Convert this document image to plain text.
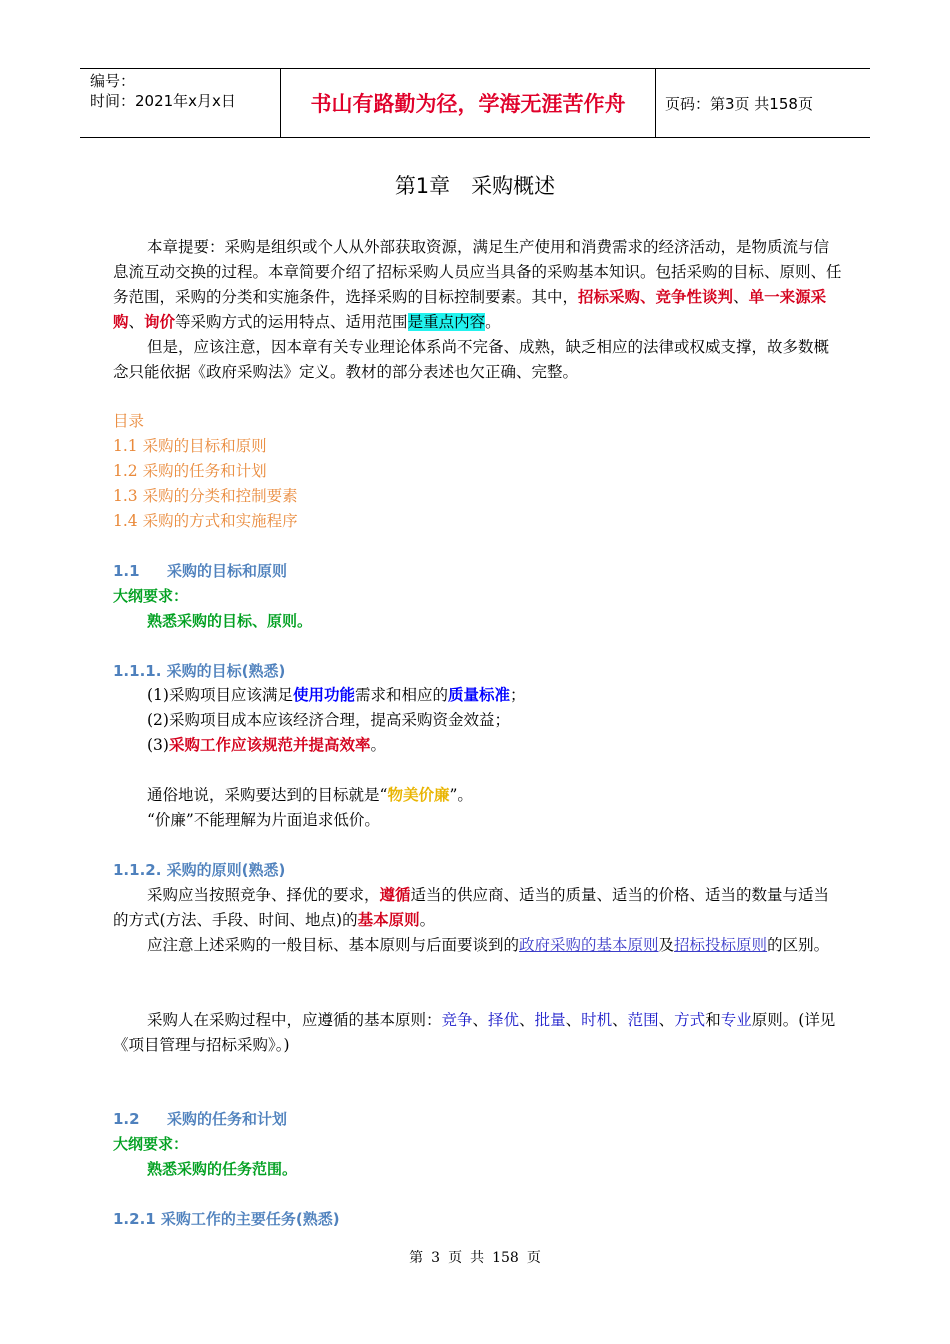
编号：
时间：2021年x月x日	书山有路勤为径，学海无涯苦作舟	页码：第3页 共158页
第1章　采购概述
本章提要：采购是组织或个人从外部获取资源，满足生产使用和消费需求的经济活动，是物质流与信息流互动交换的过程。本章简要介绍了招标采购人员应当具备的采购基本知识。包括采购的目标、原则、任务范围，采购的分类和实施条件，选择采购的目标控制要素。其中，招标采购、竞争性谈判、单一来源采购、询价等采购方式的运用特点、适用范围是重点内容。
但是，应该注意，因本章有关专业理论体系尚不完备、成熟，缺乏相应的法律或权威支撑，故多数概念只能依据《政府采购法》定义。教材的部分表述也欠正确、完整。
目录
1.1 采购的目标和原则
1.2 采购的任务和计划
1.3 采购的分类和控制要素
1.4 采购的方式和实施程序
1.1 采购的目标和原则
大纲要求：
熟悉采购的目标、原则。
1.1.1. 采购的目标(熟悉)
(1)采购项目应该满足使用功能需求和相应的质量标准；
(2)采购项目成本应该经济合理，提高采购资金效益；
(3)采购工作应该规范并提高效率。
通俗地说，采购要达到的目标就是“物美价廉”。
“价廉”不能理解为片面追求低价。
1.1.2. 采购的原则(熟悉)
采购应当按照竞争、择优的要求，遵循适当的供应商、适当的质量、适当的价格、适当的数量与适当的方式(方法、手段、时间、地点)的基本原则。
应注意上述采购的一般目标、基本原则与后面要谈到的政府采购的基本原则及招标投标原则的区别。
采购人在采购过程中，应遵循的基本原则：竞争、择优、批量、时机、范围、方式和专业原则。(详见《项目管理与招标采购》。)
1.2 采购的任务和计划
大纲要求：
熟悉采购的任务范围。
1.2.1 采购工作的主要任务(熟悉)
第 3 页 共 158 页
